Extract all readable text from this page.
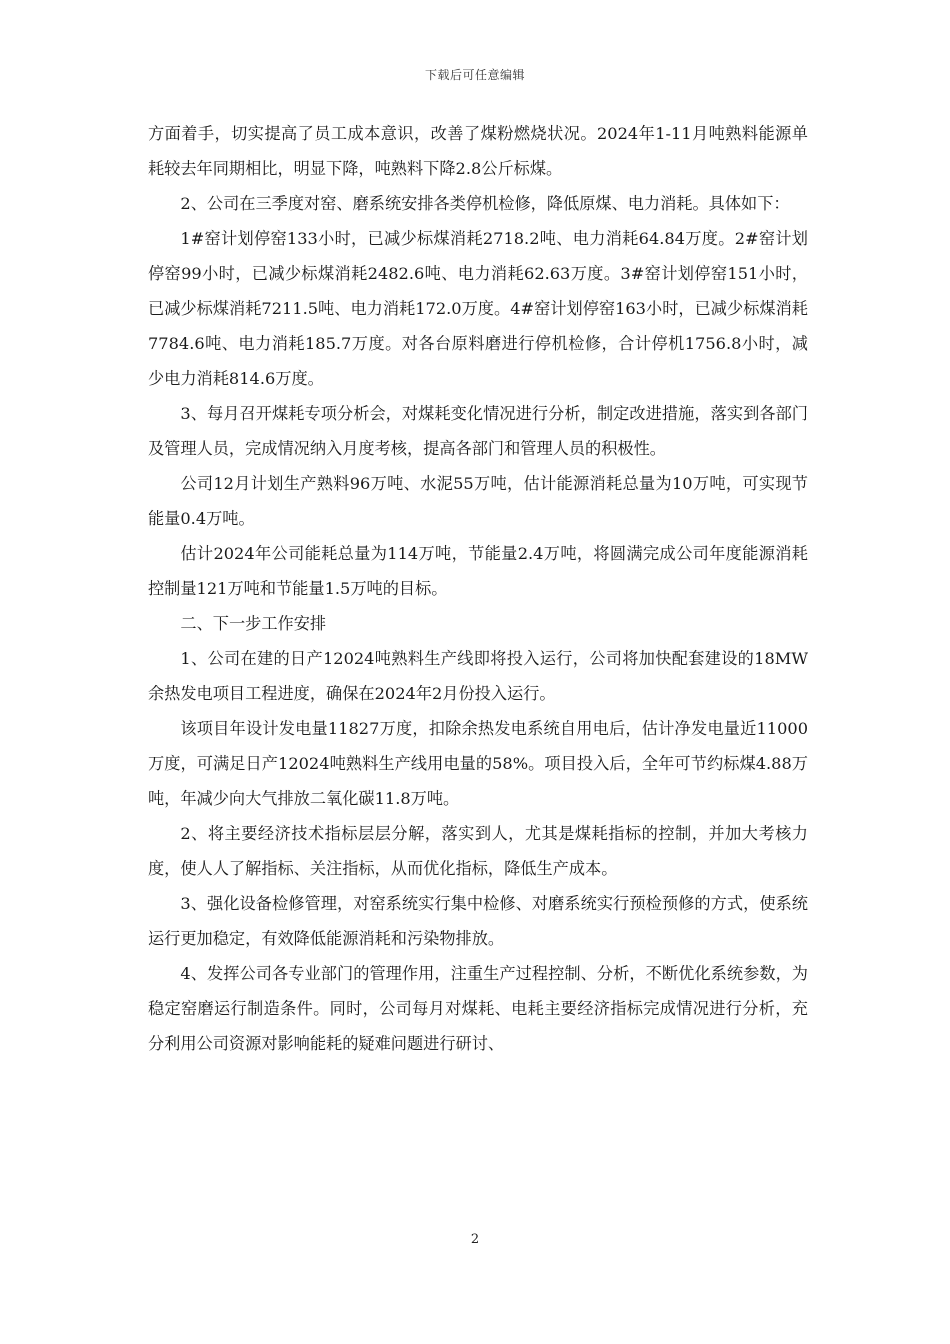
下载后可任意编辑

方面着手，切实提高了员工成本意识，改善了煤粉燃烧状况。2024年1-11月吨熟料能源单耗较去年同期相比，明显下降，吨熟料下降2.8公斤标煤。

2、公司在三季度对窑、磨系统安排各类停机检修，降低原煤、电力消耗。具体如下：

1#窑计划停窑133小时，已减少标煤消耗2718.2吨、电力消耗64.84万度。2#窑计划停窑99小时，已减少标煤消耗2482.6吨、电力消耗62.63万度。3#窑计划停窑151小时，已减少标煤消耗7211.5吨、电力消耗172.0万度。4#窑计划停窑163小时，已减少标煤消耗7784.6吨、电力消耗185.7万度。对各台原料磨进行停机检修，合计停机1756.8小时，减少电力消耗814.6万度。

3、每月召开煤耗专项分析会，对煤耗变化情况进行分析，制定改进措施，落实到各部门及管理人员，完成情况纳入月度考核，提高各部门和管理人员的积极性。

公司12月计划生产熟料96万吨、水泥55万吨，估计能源消耗总量为10万吨，可实现节能量0.4万吨。

估计2024年公司能耗总量为114万吨，节能量2.4万吨，将圆满完成公司年度能源消耗控制量121万吨和节能量1.5万吨的目标。

二、下一步工作安排

1、公司在建的日产12024吨熟料生产线即将投入运行，公司将加快配套建设的18MW余热发电项目工程进度，确保在2024年2月份投入运行。

该项目年设计发电量11827万度，扣除余热发电系统自用电后，估计净发电量近11000万度，可满足日产12024吨熟料生产线用电量的58%。项目投入后，全年可节约标煤4.88万吨，年减少向大气排放二氧化碳11.8万吨。

2、将主要经济技术指标层层分解，落实到人，尤其是煤耗指标的控制，并加大考核力度，使人人了解指标、关注指标，从而优化指标，降低生产成本。

3、强化设备检修管理，对窑系统实行集中检修、对磨系统实行预检预修的方式，使系统运行更加稳定，有效降低能源消耗和污染物排放。

4、发挥公司各专业部门的管理作用，注重生产过程控制、分析，不断优化系统参数，为稳定窑磨运行制造条件。同时，公司每月对煤耗、电耗主要经济指标完成情况进行分析，充分利用公司资源对影响能耗的疑难问题进行研讨、

2
